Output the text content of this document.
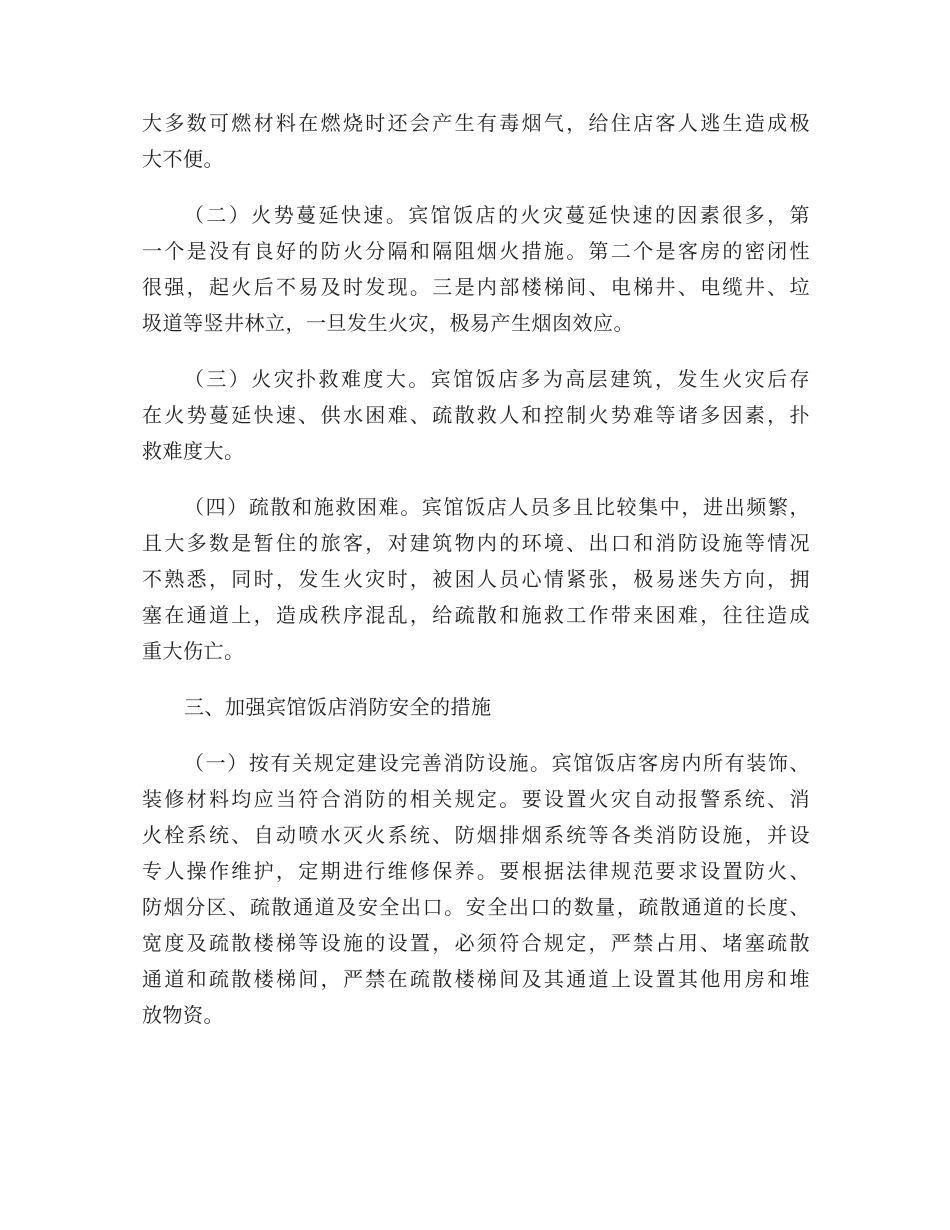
大多数可燃材料在燃烧时还会产生有毒烟气，给住店客人逃生造成极
大不便。
（二）火势蔓延快速。宾馆饭店的火灾蔓延快速的因素很多，第
一个是没有良好的防火分隔和隔阻烟火措施。第二个是客房的密闭性
很强，起火后不易及时发现。三是内部楼梯间、电梯井、电缆井、垃
圾道等竖井林立，一旦发生火灾，极易产生烟囱效应。
（三）火灾扑救难度大。宾馆饭店多为高层建筑，发生火灾后存
在火势蔓延快速、供水困难、疏散救人和控制火势难等诸多因素，扑
救难度大。
（四）疏散和施救困难。宾馆饭店人员多且比较集中，进出频繁，
且大多数是暂住的旅客，对建筑物内的环境、出口和消防设施等情况
不熟悉，同时，发生火灾时，被困人员心情紧张，极易迷失方向，拥
塞在通道上，造成秩序混乱，给疏散和施救工作带来困难，往往造成
重大伤亡。
三、加强宾馆饭店消防安全的措施
（一）按有关规定建设完善消防设施。宾馆饭店客房内所有装饰、
装修材料均应当符合消防的相关规定。要设置火灾自动报警系统、消
火栓系统、自动喷水灭火系统、防烟排烟系统等各类消防设施，并设
专人操作维护，定期进行维修保养。要根据法律规范要求设置防火、
防烟分区、疏散通道及安全出口。安全出口的数量，疏散通道的长度、
宽度及疏散楼梯等设施的设置，必须符合规定，严禁占用、堵塞疏散
通道和疏散楼梯间，严禁在疏散楼梯间及其通道上设置其他用房和堆
放物资。
